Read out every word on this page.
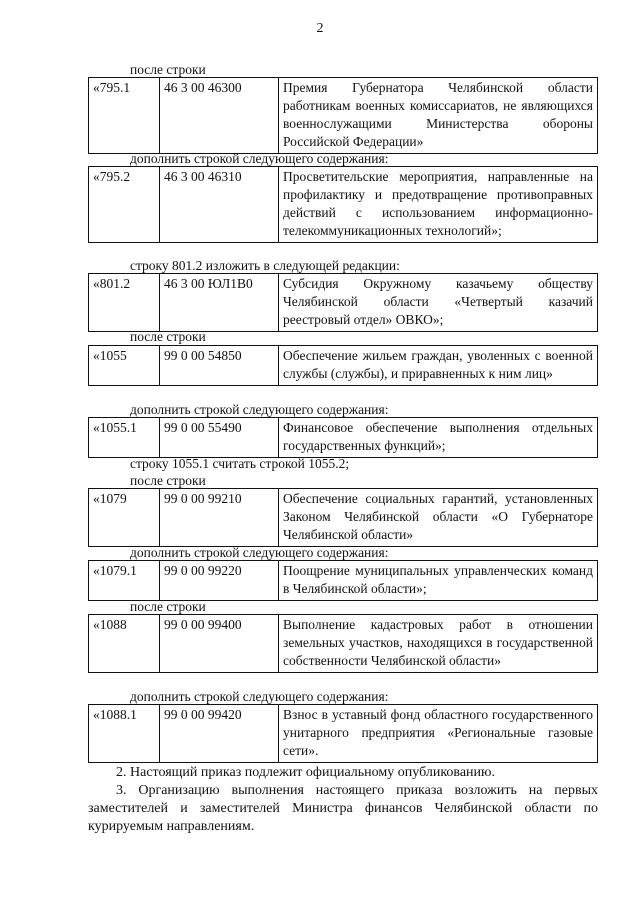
2
после строки
«795.1	46 3 00 46300	Премия Губернатора Челябинской области работникам военных комиссариатов, не являющихся военнослужащими Министерства обороны Российской Федерации»
дополнить строкой следующего содержания:
«795.2	46 3 00 46310	Просветительские мероприятия, направленные на профилактику и предотвращение противоправных действий с использованием информационно-телекоммуникационных технологий»;
строку 801.2 изложить в следующей редакции:
«801.2	46 3 00 ЮЛ1В0	Субсидия Окружному казачьему обществу Челябинской области «Четвертый казачий реестровый отдел» ОВКО»;
после строки
«1055	99 0 00 54850	Обеспечение жильем граждан, уволенных с военной службы (службы), и приравненных к ним лиц»
дополнить строкой следующего содержания:
«1055.1	99 0 00 55490	Финансовое обеспечение выполнения отдельных государственных функций»;
строку 1055.1 считать строкой 1055.2;
после строки
«1079	99 0 00 99210	Обеспечение социальных гарантий, установленных Законом Челябинской области «О Губернаторе Челябинской области»
дополнить строкой следующего содержания:
«1079.1	99 0 00 99220	Поощрение муниципальных управленческих команд в Челябинской области»;
после строки
«1088	99 0 00 99400	Выполнение кадастровых работ в отношении земельных участков, находящихся в государственной собственности Челябинской области»
дополнить строкой следующего содержания:
«1088.1	99 0 00 99420	Взнос в уставный фонд областного государственного унитарного предприятия «Региональные газовые сети».
2. Настоящий приказ подлежит официальному опубликованию.
3. Организацию выполнения настоящего приказа возложить на первых заместителей и заместителей Министра финансов Челябинской области по курируемым направлениям.
